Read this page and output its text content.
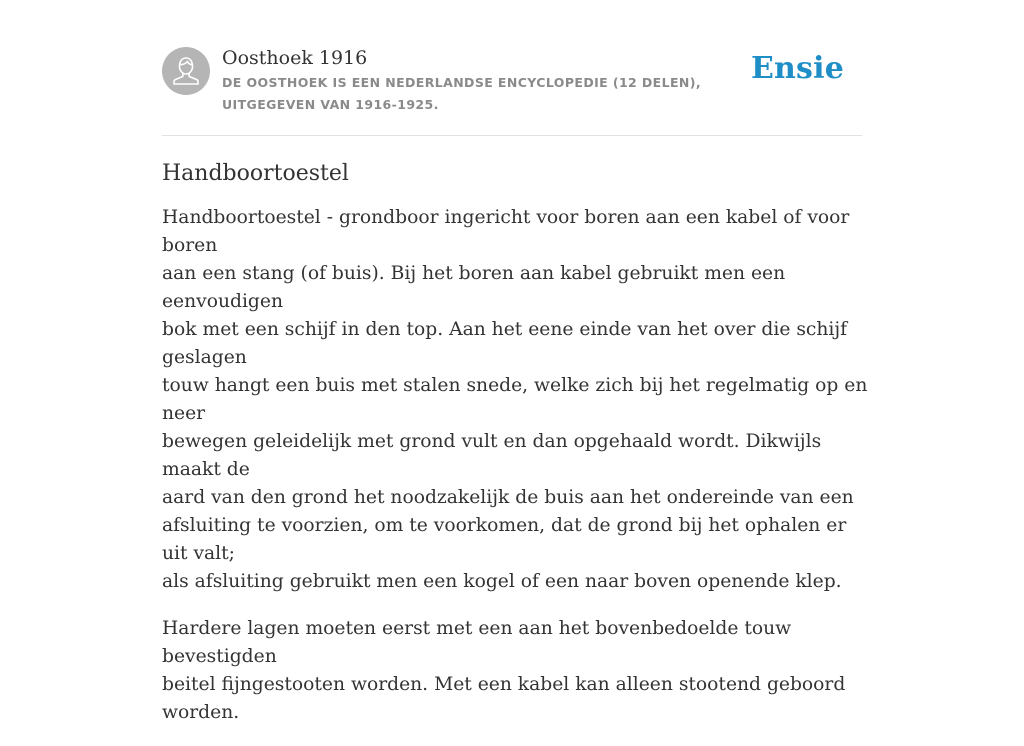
Oosthoek 1916
DE OOSTHOEK IS EEN NEDERLANDSE ENCYCLOPEDIE (12 DELEN), UITGEGEVEN VAN 1916-1925.
Ensie
Handboortoestel

Handboortoestel - grondboor ingericht voor boren aan een kabel of voor boren
aan een stang (of buis). Bij het boren aan kabel gebruikt men een eenvoudigen
bok met een schijf in den top. Aan het eene einde van het over die schijf geslagen
touw hangt een buis met stalen snede, welke zich bij het regelmatig op en neer
bewegen geleidelijk met grond vult en dan opgehaald wordt. Dikwijls maakt de
aard van den grond het noodzakelijk de buis aan het ondereinde van een
afsluiting te voorzien, om te voorkomen, dat de grond bij het ophalen er uit valt;
als afsluiting gebruikt men een kogel of een naar boven openende klep.

Hardere lagen moeten eerst met een aan het bovenbedoelde touw bevestigden
beitel fijngestooten worden. Met een kabel kan alleen stootend geboord worden.
